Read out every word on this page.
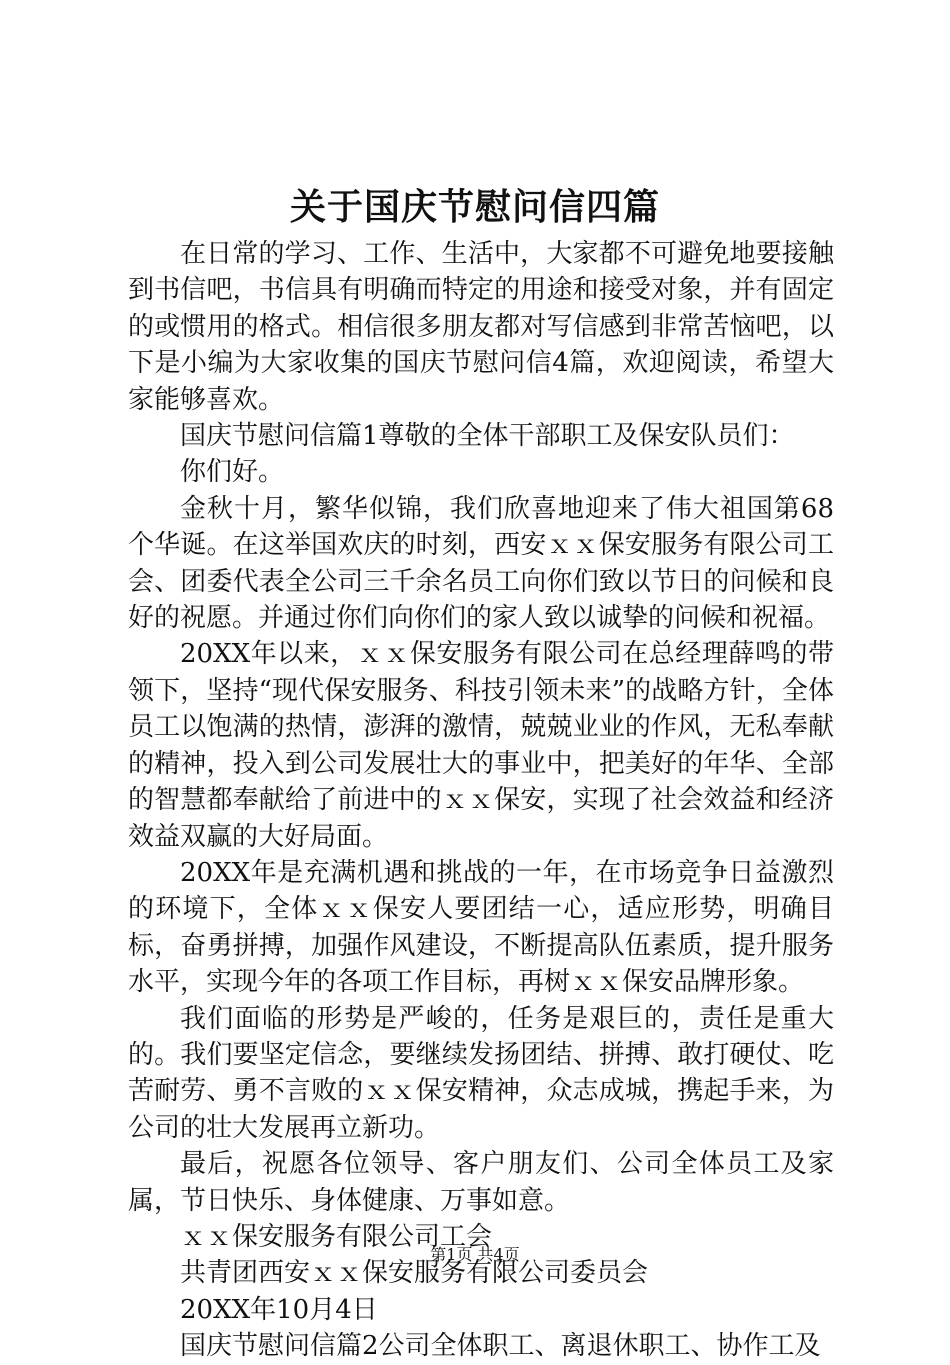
关于国庆节慰问信四篇

在日常的学习、工作、生活中，大家都不可避免地要接触到书信吧，书信具有明确而特定的用途和接受对象，并有固定的或惯用的格式。相信很多朋友都对写信感到非常苦恼吧，以下是小编为大家收集的国庆节慰问信4篇，欢迎阅读，希望大家能够喜欢。

国庆节慰问信篇1尊敬的全体干部职工及保安队员们：

你们好。

金秋十月，繁华似锦，我们欣喜地迎来了伟大祖国第68个华诞。在这举国欢庆的时刻，西安ｘｘ保安服务有限公司工会、团委代表全公司三千余名员工向你们致以节日的问候和良好的祝愿。并通过你们向你们的家人致以诚挚的问候和祝福。

20XX年以来，ｘｘ保安服务有限公司在总经理薛鸣的带领下，坚持“现代保安服务、科技引领未来”的战略方针，全体员工以饱满的热情，澎湃的激情，兢兢业业的作风，无私奉献的精神，投入到公司发展壮大的事业中，把美好的年华、全部的智慧都奉献给了前进中的ｘｘ保安，实现了社会效益和经济效益双赢的大好局面。

20XX年是充满机遇和挑战的一年，在市场竞争日益激烈的环境下，全体ｘｘ保安人要团结一心，适应形势，明确目标，奋勇拼搏，加强作风建设，不断提高队伍素质，提升服务水平，实现今年的各项工作目标，再树ｘｘ保安品牌形象。

我们面临的形势是严峻的，任务是艰巨的，责任是重大的。我们要坚定信念，要继续发扬团结、拼搏、敢打硬仗、吃苦耐劳、勇不言败的ｘｘ保安精神，众志成城，携起手来，为公司的壮大发展再立新功。

最后，祝愿各位领导、客户朋友们、公司全体员工及家属，节日快乐、身体健康、万事如意。

ｘｘ保安服务有限公司工会

共青团西安ｘｘ保安服务有限公司委员会

20XX年10月4日

国庆节慰问信篇2公司全体职工、离退休职工、协作工及

第1页 共4页
